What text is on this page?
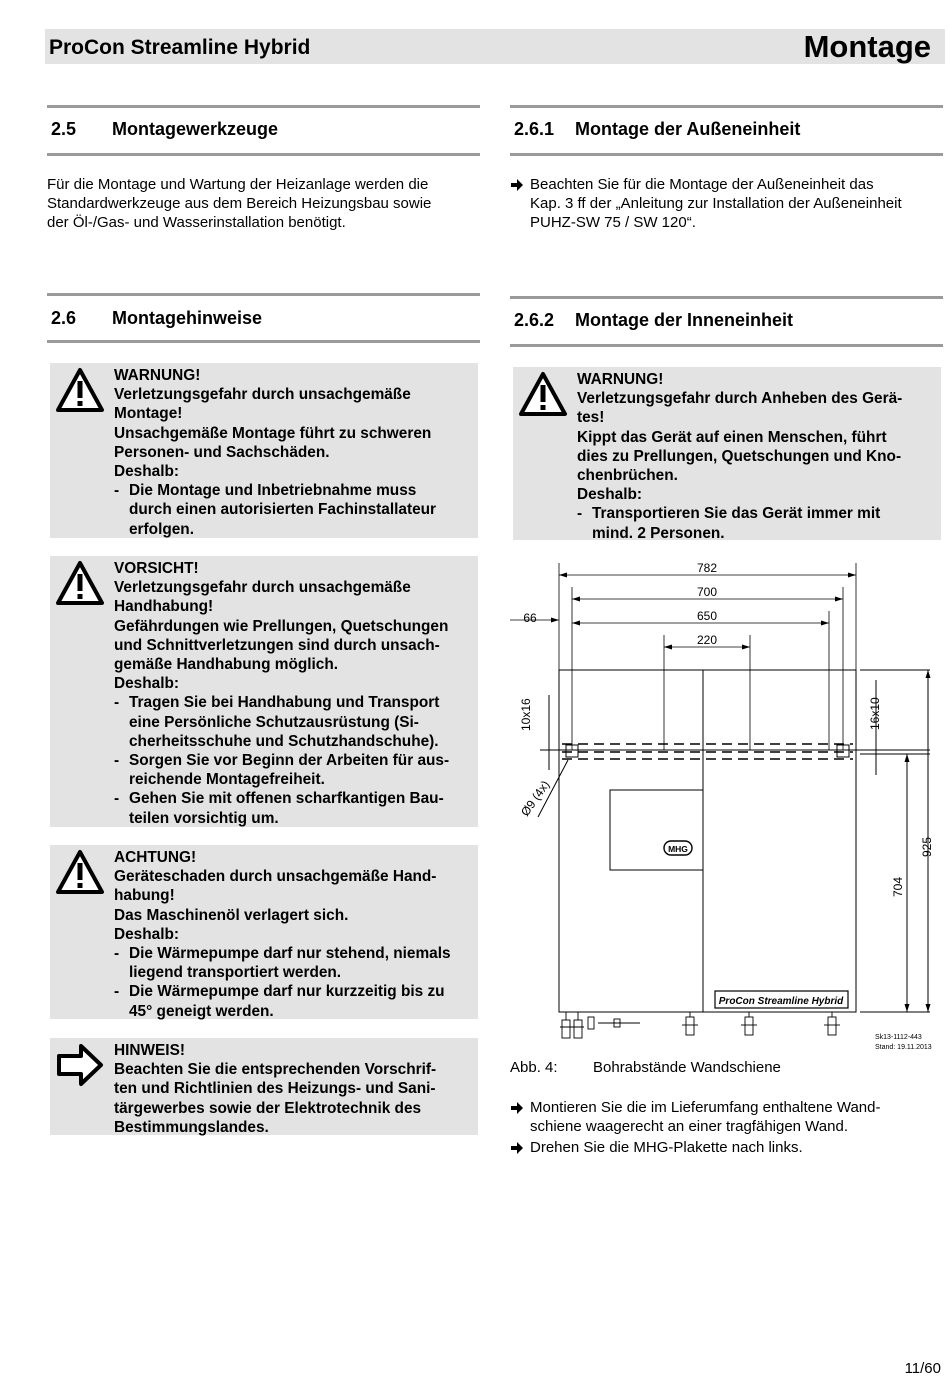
ProCon Streamline Hybrid	Montage
2.5 Montagewerkzeuge

Für die Montage und Wartung der Heizanlage werden die

Standardwerkzeuge aus dem Bereich Heizungsbau sowie

der Öl-/Gas- und Wasserinstallation benötigt.

2.6.1 Montage der Außeneinheit

Beachten Sie für die Montage der Außeneinheit das

Kap. 3 ff der „Anleitung zur Installation der Außeneinheit

PUHZ-SW 75 / SW 120“.

2.6 Montagehinweise	2.6.2 Montage der Inneneinheit

WARNUNG!

Verletzungsgefahr durch unsachgemäße

Montage!

Unsachgemäße Montage führt zu schweren

Personen- und Sachschäden.

Deshalb:

- Die Montage und Inbetriebnahme muss

durch einen autorisierten Fachinstallateur

erfolgen.

VORSICHT!

Verletzungsgefahr durch unsachgemäße

Handhabung!

Gefährdungen wie Prellungen, Quetschungen

und Schnittverletzungen sind durch unsach-

gemäße Handhabung möglich.

Deshalb:

- Tragen Sie bei Handhabung und Transport

eine Persönliche Schutzausrüstung (Si-

cherheitsschuhe und Schutzhandschuhe).

- Sorgen Sie vor Beginn der Arbeiten für aus-

reichende Montagefreiheit.

- Gehen Sie mit offenen scharfkantigen Bau-

teilen vorsichtig um.

ACHTUNG!

Geräteschaden durch unsachgemäße Hand-

habung!

Das Maschinenöl verlagert sich.

Deshalb:

- Die Wärmepumpe darf nur stehend, niemals

liegend transportiert werden.

- Die Wärmepumpe darf nur kurzzeitig bis zu

45° geneigt werden.

HINWEIS!

Beachten Sie die entsprechenden Vorschrif-

ten und Richtlinien des Heizungs- und Sani-

tärgewerbes sowie der Elektrotechnik des

Bestimmungslandes.

WARNUNG!

Verletzungsgefahr durch Anheben des Gerä-

tes!

Kippt das Gerät auf einen Menschen, führt

dies zu Prellungen, Quetschungen und Kno-

chenbrüchen.

Deshalb:

- Transportieren Sie das Gerät immer mit

mind. 2 Personen.

782
700
650
220
66
10x16	16x10
Ø9 (4x)
704
925
MHG
ProCon Streamline Hybrid
Sk13-1112-443
Stand: 19.11.2013
Abb. 4: Bohrabstände Wandschiene

Montieren Sie die im Lieferumfang enthaltene Wand-

schiene waagerecht an einer tragfähigen Wand.

Drehen Sie die MHG-Plakette nach links.

11/60
